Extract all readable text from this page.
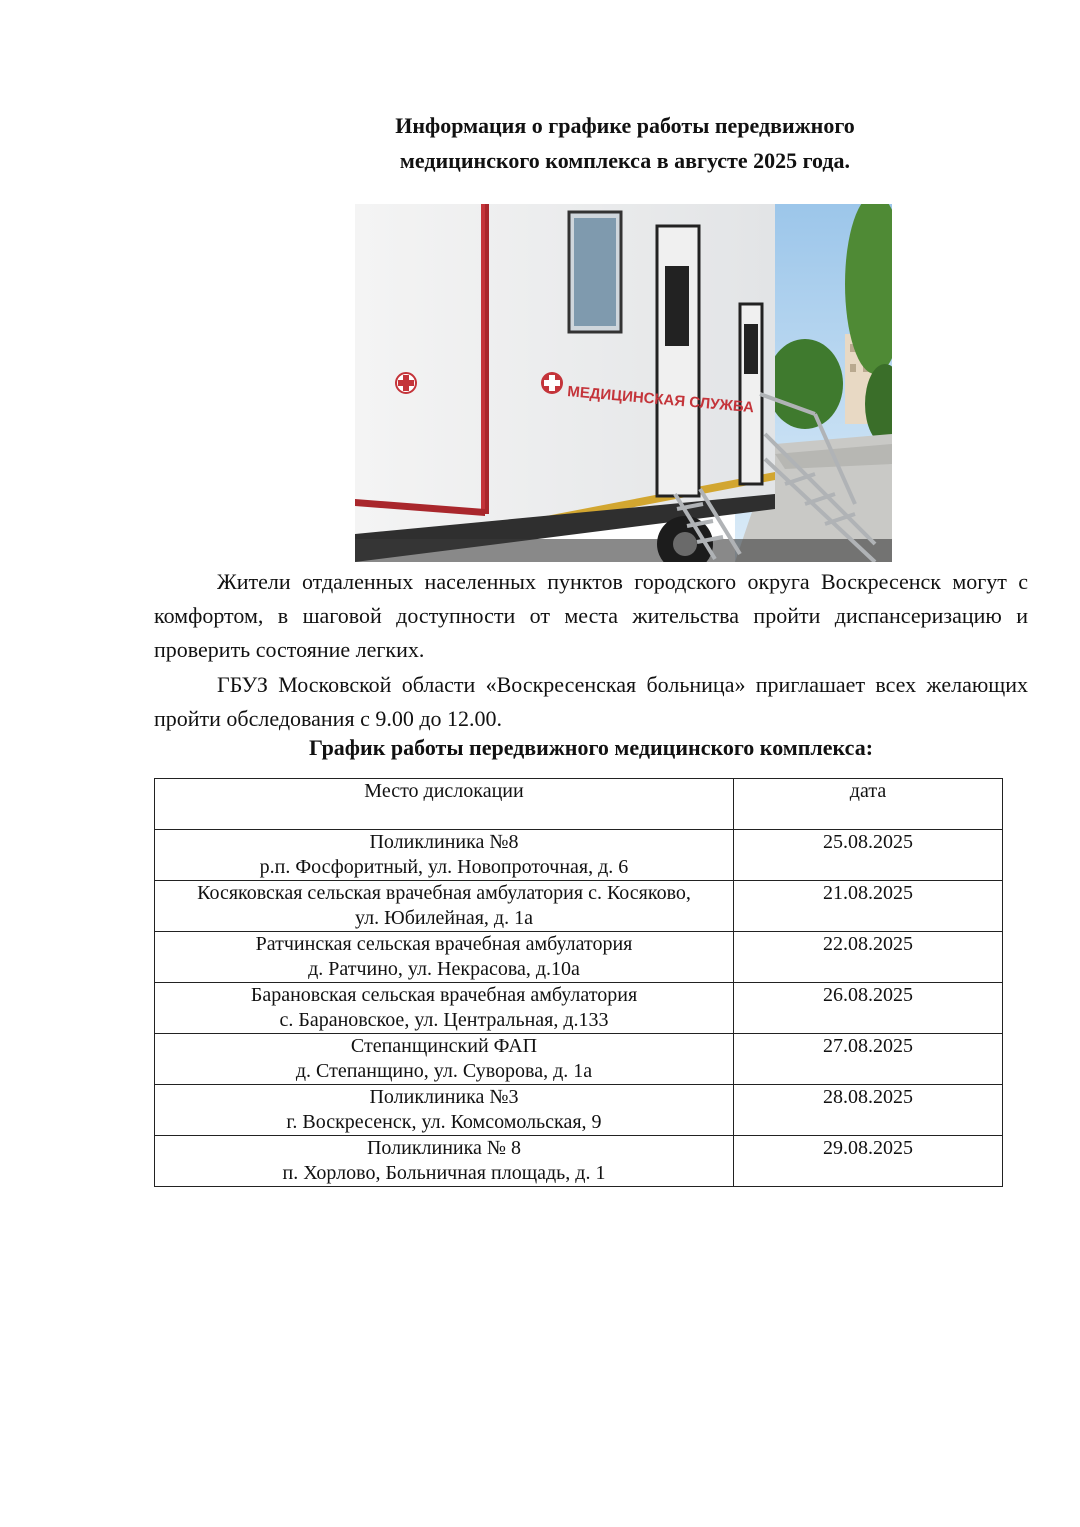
Информация о графике работы передвижного
медицинского комплекса в августе 2025 года.
МЕДИЦИНСКАЯ СЛУЖБА

Жители отдаленных населенных пунктов городского округа Воскресенск могут с комфортом, в шаговой доступности от места жительства пройти диспансеризацию и проверить состояние легких.

ГБУЗ Московской области «Воскресенская больница» приглашает всех желающих пройти обследования с 9.00 до 12.00.

График работы передвижного медицинского комплекса:
Место дислокации	дата

Поликлиника №8
р.п. Фосфоритный, ул. Новопроточная, д. 6	25.08.2025

Косяковская сельская врачебная амбулатория с. Косяково,
ул. Юбилейная, д. 1а	21.08.2025

Ратчинская сельская врачебная амбулатория
д. Ратчино, ул. Некрасова, д.10а	22.08.2025

Барановская сельская врачебная амбулатория
с. Барановское, ул. Центральная, д.133	26.08.2025

Степанщинский ФАП
д. Степанщино, ул. Суворова, д. 1а	27.08.2025

Поликлиника №3
г. Воскресенск, ул. Комсомольская, 9	28.08.2025

Поликлиника № 8
п. Хорлово, Больничная площадь, д. 1	29.08.2025
